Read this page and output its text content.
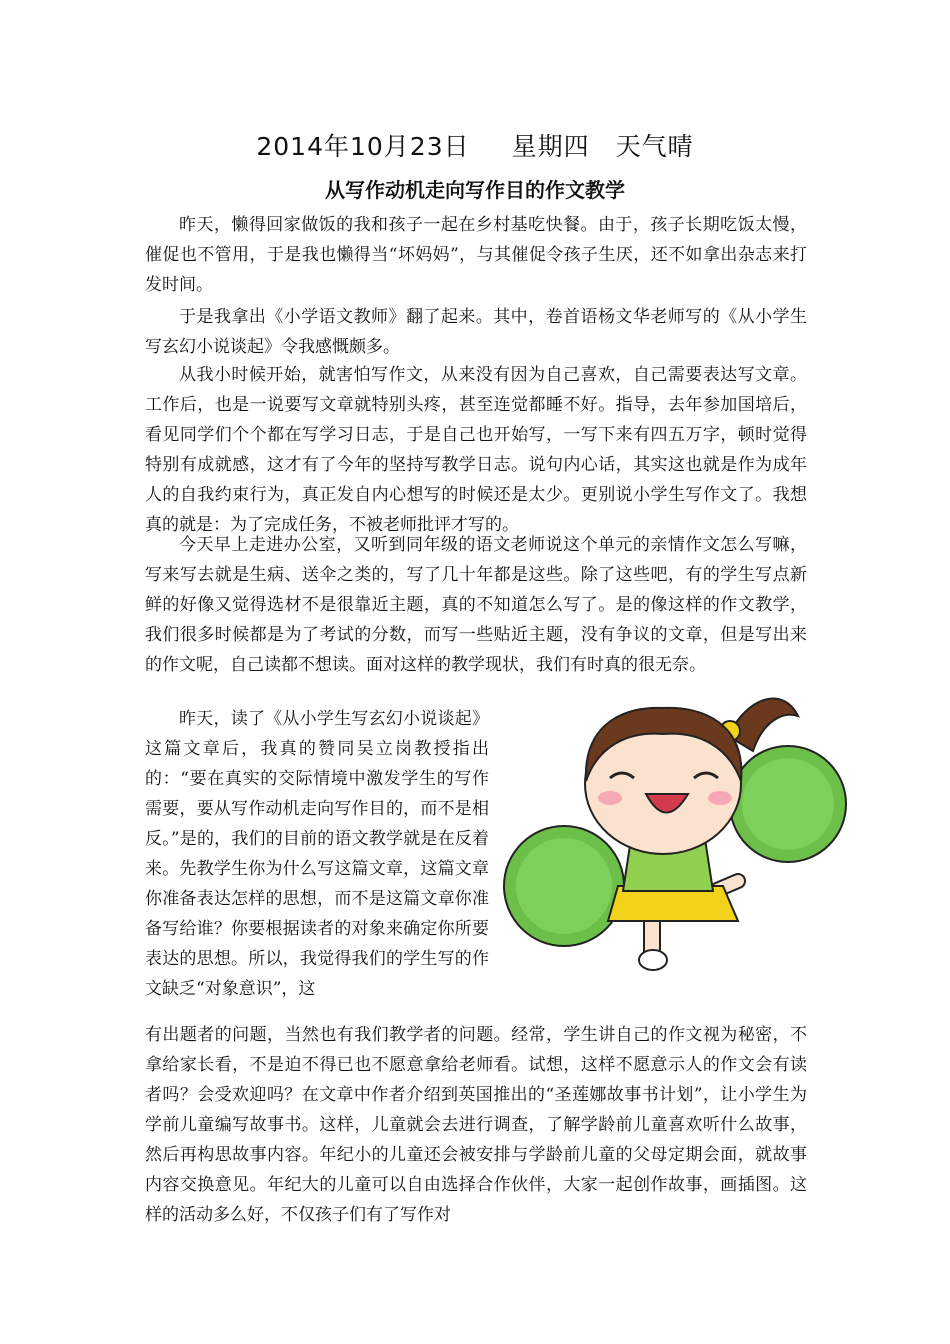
2014年10月23日 星期四 天气晴
从写作动机走向写作目的作文教学

昨天，懒得回家做饭的我和孩子一起在乡村基吃快餐。由于，孩子长期吃饭太慢，催促也不管用，于是我也懒得当“坏妈妈”，与其催促令孩子生厌，还不如拿出杂志来打发时间。

于是我拿出《小学语文教师》翻了起来。其中，卷首语杨文华老师写的《从小学生写玄幻小说谈起》令我感慨颇多。

从我小时候开始，就害怕写作文，从来没有因为自己喜欢，自己需要表达写文章。工作后，也是一说要写文章就特别头疼，甚至连觉都睡不好。指导，去年参加国培后，看见同学们个个都在写学习日志，于是自己也开始写，一写下来有四五万字，顿时觉得特别有成就感，这才有了今年的坚持写教学日志。说句内心话，其实这也就是作为成年人的自我约束行为，真正发自内心想写的时候还是太少。更别说小学生写作文了。我想真的就是：为了完成任务，不被老师批评才写的。

今天早上走进办公室，又听到同年级的语文老师说这个单元的亲情作文怎么写嘛，写来写去就是生病、送伞之类的，写了几十年都是这些。除了这些吧，有的学生写点新鲜的好像又觉得选材不是很靠近主题，真的不知道怎么写了。是的像这样的作文教学，我们很多时候都是为了考试的分数，而写一些贴近主题，没有争议的文章，但是写出来的作文呢，自己读都不想读。面对这样的教学现状，我们有时真的很无奈。

昨天，读了《从小学生写玄幻小说谈起》这篇文章后，我真的赞同吴立岗教授指出的：“要在真实的交际情境中激发学生的写作需要，要从写作动机走向写作目的，而不是相反。”是的，我们的目前的语文教学就是在反着来。先教学生你为什么写这篇文章，这篇文章你准备表达怎样的思想，而不是这篇文章你准备写给谁？你要根据读者的对象来确定你所要表达的思想。所以，我觉得我们的学生写的作文缺乏“对象意识”，这

有出题者的问题，当然也有我们教学者的问题。经常，学生讲自己的作文视为秘密，不拿给家长看，不是迫不得已也不愿意拿给老师看。试想，这样不愿意示人的作文会有读者吗？会受欢迎吗？在文章中作者介绍到英国推出的“圣莲娜故事书计划”，让小学生为学前儿童编写故事书。这样，儿童就会去进行调查，了解学龄前儿童喜欢听什么故事，然后再构思故事内容。年纪小的儿童还会被安排与学龄前儿童的父母定期会面，就故事内容交换意见。年纪大的儿童可以自由选择合作伙伴，大家一起创作故事，画插图。这样的活动多么好，不仅孩子们有了写作对
